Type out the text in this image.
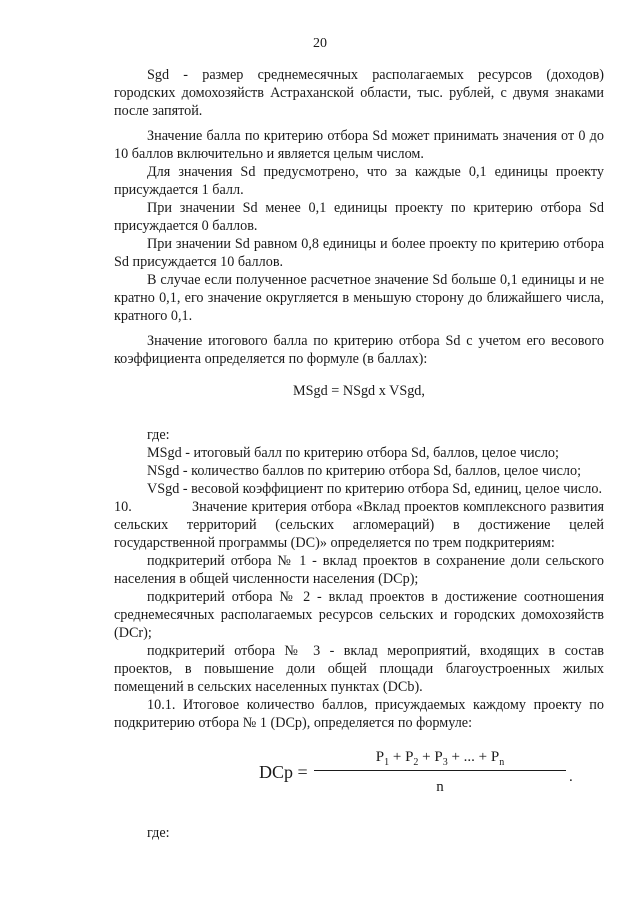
20

Sgd - размер среднемесячных располагаемых ресурсов (доходов) городских домохозяйств Астраханской области, тыс. рублей, с двумя знаками после запятой.

Значение балла по критерию отбора Sd может принимать значения от 0 до 10 баллов включительно и является целым числом.

Для значения Sd предусмотрено, что за каждые 0,1 единицы проекту присуждается 1 балл.

При значении Sd менее 0,1 единицы проекту по критерию отбора Sd присуждается 0 баллов.

При значении Sd равном 0,8 единицы и более проекту по критерию отбора Sd присуждается 10 баллов.

В случае если полученное расчетное значение Sd больше 0,1 единицы и не кратно 0,1, его значение округляется в меньшую сторону до ближайшего числа, кратного 0,1.

Значение итогового балла по критерию отбора Sd с учетом его весового коэффициента определяется по формуле (в баллах):

MSgd = NSgd x VSgd,

где:

MSgd - итоговый балл по критерию отбора Sd, баллов, целое число;

NSgd - количество баллов по критерию отбора Sd, баллов, целое число;

VSgd - весовой коэффициент по критерию отбора Sd, единиц, целое число.

10.	Значение критерия отбора «Вклад проектов комплексного развития сельских территорий (сельских агломераций) в достижение целей государственной программы (DC)» определяется по трем подкритериям:

подкритерий отбора № 1 - вклад проектов в сохранение доли сельского населения в общей численности населения (DCp);

подкритерий отбора № 2 - вклад проектов в достижение соотношения среднемесячных располагаемых ресурсов сельских и городских домохозяйств (DCr);

подкритерий отбора № 3 - вклад мероприятий, входящих в состав проектов, в повышение доли общей площади благоустроенных жилых помещений в сельских населенных пунктах (DCb).

10.1. Итоговое количество баллов, присуждаемых каждому проекту по подкритерию отбора № 1 (DCp), определяется по формуле:

DCp =
$P_1 + P_2 + P_3$ + ... + $P_n$
n
.

где:
